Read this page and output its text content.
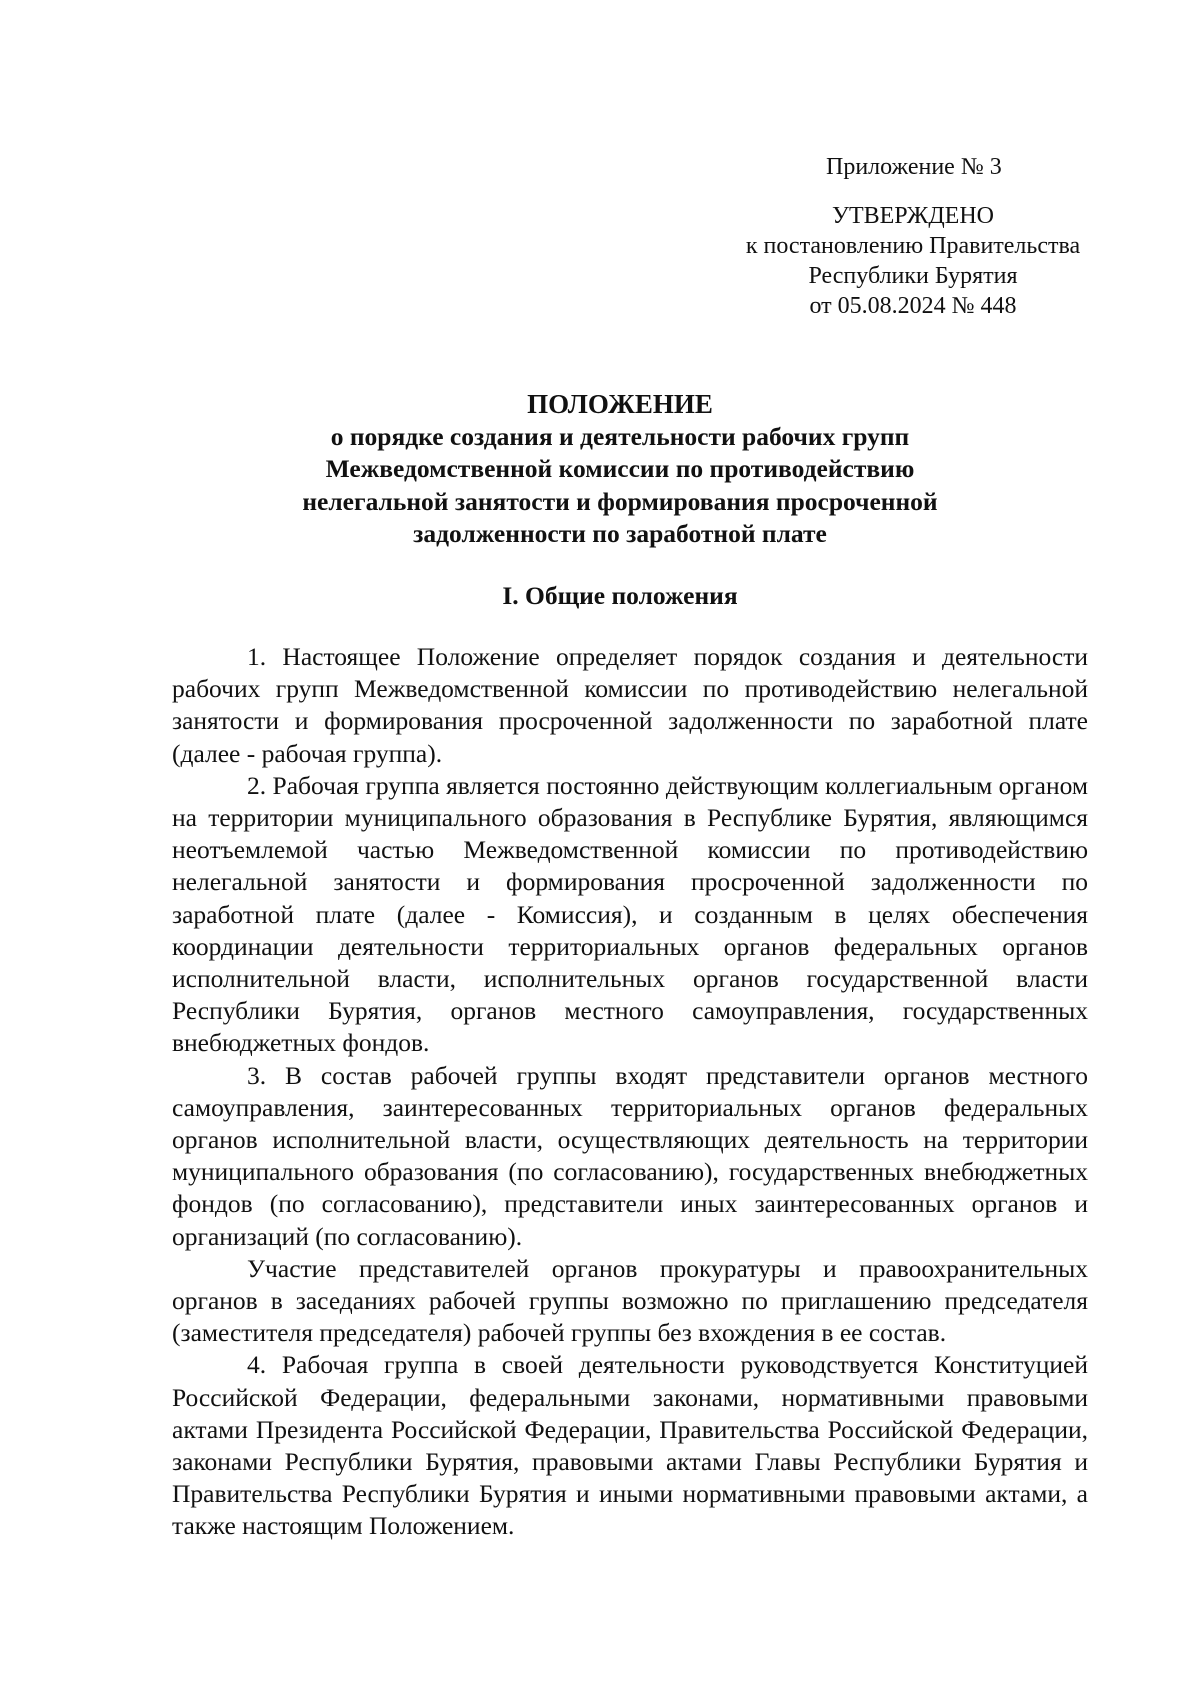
Приложение № 3
УТВЕРЖДЕНО
к постановлению Правительства
Республики Бурятия
от 05.08.2024 № 448
ПОЛОЖЕНИЕ
о порядке создания и деятельности рабочих групп
Межведомственной комиссии по противодействию
нелегальной занятости и формирования просроченной
задолженности по заработной плате
I. Общие положения

1. Настоящее Положение определяет порядок создания и деятельности рабочих групп Межведомственной комиссии по противодействию нелегальной занятости и формирования просроченной задолженности по заработной плате (далее - рабочая группа).

2. Рабочая группа является постоянно действующим коллегиальным органом на территории муниципального образования в Республике Бурятия, являющимся неотъемлемой частью Межведомственной комиссии по противодействию нелегальной занятости и формирования просроченной задолженности по заработной плате (далее - Комиссия), и созданным в целях обеспечения координации деятельности территориальных органов федеральных органов исполнительной власти, исполнительных органов государственной власти Республики Бурятия, органов местного самоуправления, государственных внебюджетных фондов.

3. В состав рабочей группы входят представители органов местного самоуправления, заинтересованных территориальных органов федеральных органов исполнительной власти, осуществляющих деятельность на территории муниципального образования (по согласованию), государственных внебюджетных фондов (по согласованию), представители иных заинтересованных органов и организаций (по согласованию).

Участие представителей органов прокуратуры и правоохранительных органов в заседаниях рабочей группы возможно по приглашению председателя (заместителя председателя) рабочей группы без вхождения в ее состав.

4. Рабочая группа в своей деятельности руководствуется Конституцией Российской Федерации, федеральными законами, нормативными правовыми актами Президента Российской Федерации, Правительства Российской Федерации, законами Республики Бурятия, правовыми актами Главы Республики Бурятия и Правительства Республики Бурятия и иными нормативными правовыми актами, а также настоящим Положением.
